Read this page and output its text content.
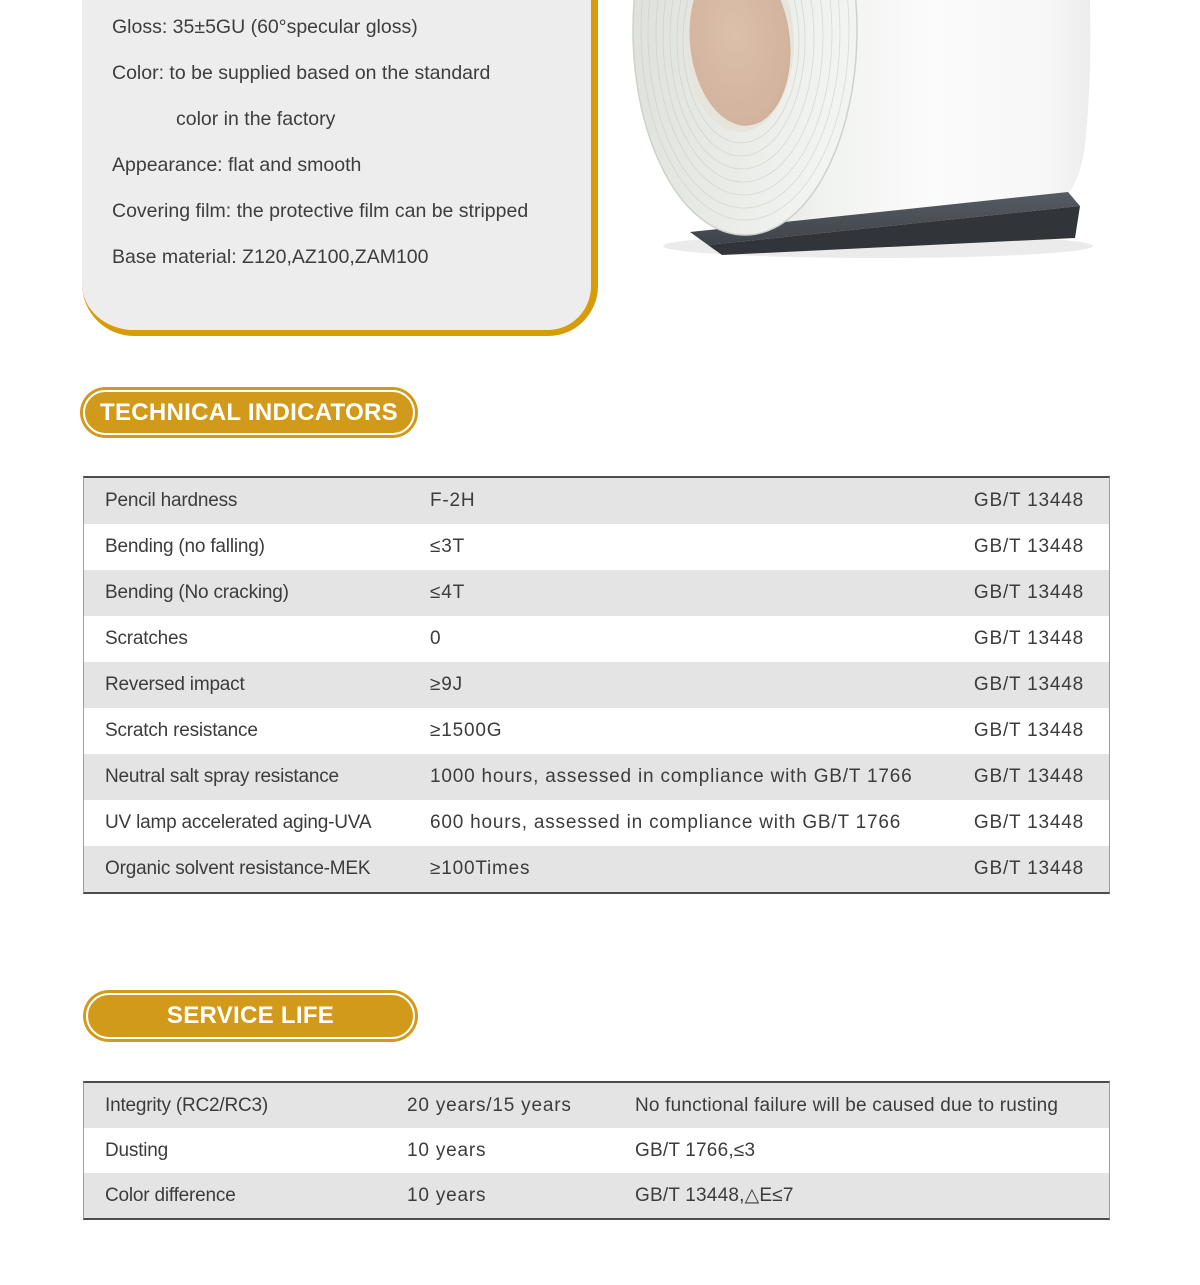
Gloss: 35±5GU (60°specular gloss)
Color: to be supplied based on the standard
color in the factory
Appearance: flat and smooth
Covering film: the protective film can be stripped
Base material: Z120,AZ100,ZAM100
TECHNICAL INDICATORS
Pencil hardness	F-2H	GB/T 13448
Bending (no falling)	≤3T	GB/T 13448
Bending (No cracking)	≤4T	GB/T 13448
Scratches	0	GB/T 13448
Reversed impact	≥9J	GB/T 13448
Scratch resistance	≥1500G	GB/T 13448
Neutral salt spray resistance	1000 hours, assessed in compliance with GB/T 1766	GB/T 13448
UV lamp accelerated aging-UVA	600 hours, assessed in compliance with GB/T 1766	GB/T 13448
Organic solvent resistance-MEK	≥100Times	GB/T 13448
SERVICE LIFE
Integrity (RC2/RC3)	20 years/15 years	No functional failure will be caused due to rusting
Dusting	10 years	GB/T 1766,≤3
Color difference	10 years	GB/T 13448,△E≤7
